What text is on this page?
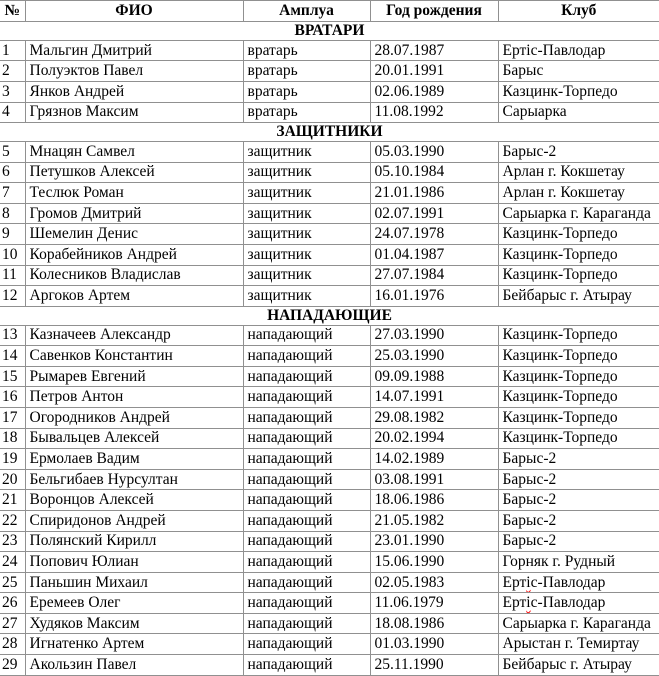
№	ФИО	Амплуа	Год рождения	Клуб
ВРАТАРИ				
1	Мальгин Дмитрий	вратарь	28.07.1987	Ертіс-Павлодар
2	Полуэктов Павел	вратарь	20.01.1991	Барыс
3	Янков Андрей	вратарь	02.06.1989	Казцинк-Торпедо
4	Грязнов Максим	вратарь	11.08.1992	Сарыарка
ЗАЩИТНИКИ				
5	Мнацян Самвел	защитник	05.03.1990	Барыс-2
6	Петушков Алексей	защитник	05.10.1984	Арлан г. Кокшетау
7	Теслюк Роман	защитник	21.01.1986	Арлан г. Кокшетау
8	Громов Дмитрий	защитник	02.07.1991	Сарыарка г. Караганда
9	Шемелин Денис	защитник	24.07.1978	Казцинк-Торпедо
10	Корабейников Андрей	защитник	01.04.1987	Казцинк-Торпедо
11	Колесников Владислав	защитник	27.07.1984	Казцинк-Торпедо
12	Аргоков Артем	защитник	16.01.1976	Бейбарыс г. Атырау
НАПАДАЮЩИЕ				
13	Казначеев Александр	нападающий	27.03.1990	Казцинк-Торпедо
14	Савенков Константин	нападающий	25.03.1990	Казцинк-Торпедо
15	Рымарев Евгений	нападающий	09.09.1988	Казцинк-Торпедо
16	Петров Антон	нападающий	14.07.1991	Казцинк-Торпедо
17	Огородников Андрей	нападающий	29.08.1982	Казцинк-Торпедо
18	Бывальцев Алексей	нападающий	20.02.1994	Казцинк-Торпедо
19	Ермолаев Вадим	нападающий	14.02.1989	Барыс-2
20	Бельгибаев Нурсултан	нападающий	03.08.1991	Барыс-2
21	Воронцов Алексей	нападающий	18.06.1986	Барыс-2
22	Спиридонов Андрей	нападающий	21.05.1982	Барыс-2
23	Полянский Кирилл	нападающий	23.01.1990	Барыс-2
24	Попович Юлиан	нападающий	15.06.1990	Горняк г. Рудный
25	Паньшин Михаил	нападающий	02.05.1983	Ертіс-Павлодар
26	Еремеев Олег	нападающий	11.06.1979	Ертіс-Павлодар
27	Худяков Максим	нападающий	18.08.1986	Сарыарка г. Караганда
28	Игнатенко Артем	нападающий	01.03.1990	Арыстан г. Темиртау
29	Акользин Павел	нападающий	25.11.1990	Бейбарыс г. Атырау
